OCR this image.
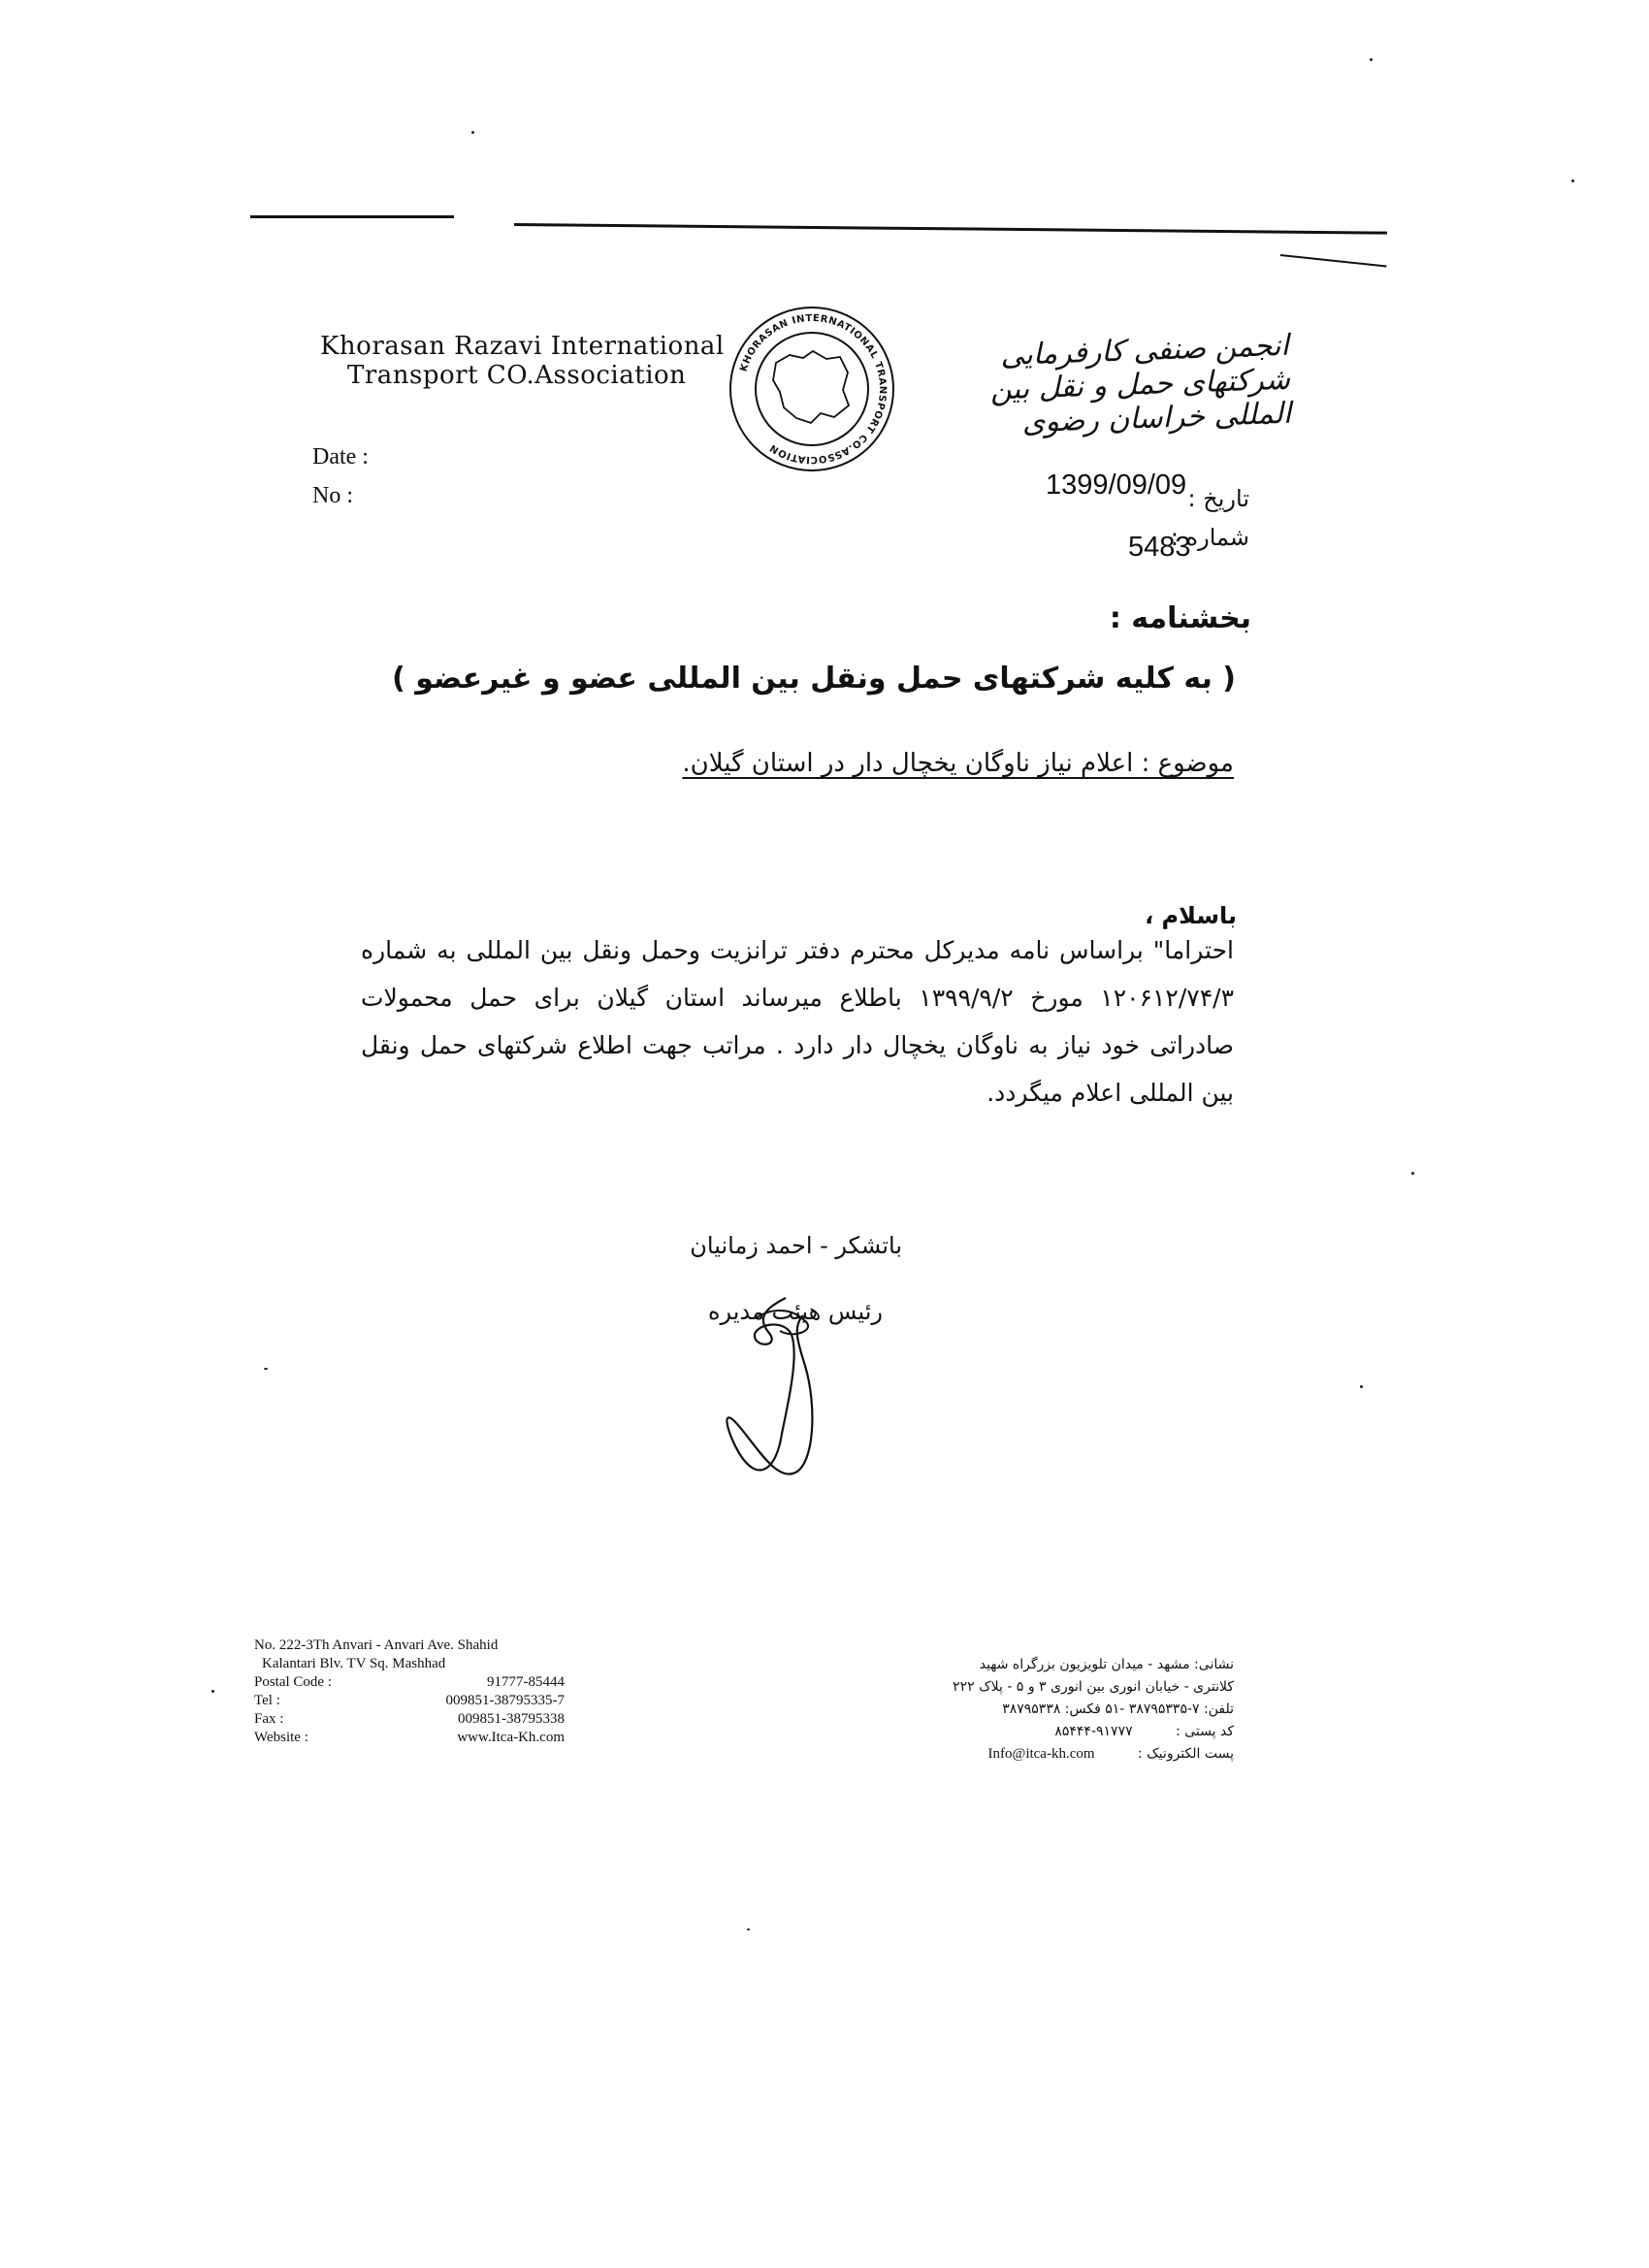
Khorasan Razavi International
Transport CO.Association	KHORASAN INTERNATIONAL TRANSPORT CO.ASSOCIATION
انجمن صنفی کارفرمایی شرکتهای حمل و نقل بین المللی خراسان رضوی
Date :
No :	تاریخ :
1399/09/09
شماره :
5483
بخشنامه :
( به کلیه شرکتهای حمل ونقل بین المللی عضو و غیرعضو )
موضوع : اعلام نیاز ناوگان یخچال دار در استان گیلان.
باسلام ،
احتراما" براساس نامه مدیرکل محترم دفتر ترانزیت وحمل ونقل بین المللی به شماره ۱۲۰۶۱۲/۷۴/۳ مورخ ۱۳۹۹/۹/۲ باطلاع میرساند استان گیلان برای حمل محمولات صادراتی خود نیاز به ناوگان یخچال دار دارد . مراتب جهت اطلاع شرکتهای حمل ونقل بین المللی اعلام میگردد.
باتشکر - احمد زمانیان
رئیس هیئت مدیره
No. 222-3Th Anvari - Anvari Ave. Shahid
Kalantari Blv. TV Sq. Mashhad
Postal Code :	91777-85444
Tel :	009851-38795335-7
Fax :	009851-38795338
Website :	www.Itca-Kh.com
نشانی: مشهد - میدان تلویزیون بزرگراه شهید
کلانتری - خیابان انوری بین انوری ۳ و ۵ - پلاک ۲۲۲
تلفن: ۷-۳۸۷۹۵۳۳۵ -۵۱ فکس: ۳۸۷۹۵۳۳۸
کد پستی : ۹۱۷۷۷-۸۵۴۴۴
پست الکترونیک : Info@itca-kh.com
